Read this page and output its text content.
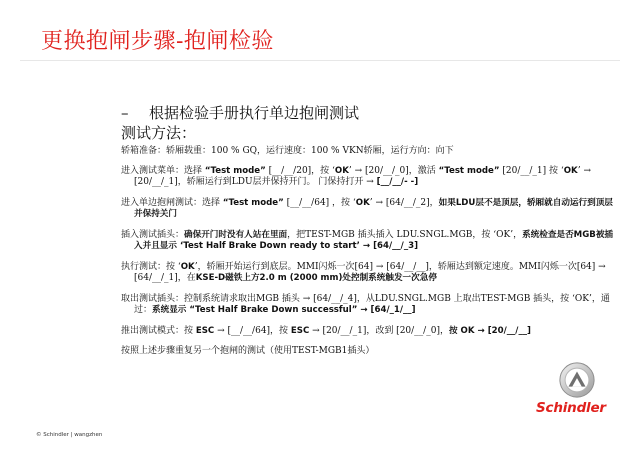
更换抱闸步骤-抱闸检验
– 根据检验手册执行单边抱闸测试
测试方法：
轿箱准备：轿厢载重：100 % GQ，运行速度：100 % VKN轿厢，运行方向：向下
进入测试菜单：选择 “Test mode” [__/__/20]，按 ‘OK’ → [20/__/_0]，激活 “Test mode” [20/__/_1] 按 ‘OK’ → [20/__/_1]，轿厢运行到LDU层并保持开门。 门保持打开 → [__/__/- -]
进入单边抱闸测试：选择 “Test mode” [__/__/64] ，按 ‘OK’ → [64/__/_2]，如果LDU层不是顶层，轿厢就自动运行到顶层并保持关门
插入测试插头：确保开门时没有人站在里面，把TEST-MGB 插头插入 LDU.SNGL.MGB，按 ‘OK’，系统检查是否MGB被插入并且显示 ‘Test Half Brake Down ready to start’ → [64/__/_3]
执行测试：按 ‘OK’，轿厢开始运行到底层。MMI闪烁一次[64] → [64/__/__]，轿厢达到额定速度。MMI闪烁一次[64] → [64/__/_1]，在KSE-D磁铁上方2.0 m (2000 mm)处控制系统触发一次急停
取出测试插头：控制系统请求取出MGB 插头 → [64/__/_4]，从LDU.SNGL.MGB 上取出TEST-MGB 插头，按 ‘OK’，通过：系统显示 “Test Half Brake Down successful” → [64/_1/__]
推出测试模式：按 ESC → [__/__/64]，按 ESC → [20/__/_1]，改到 [20/__/_0]，按 OK → [20/__/__]
按照上述步骤重复另一个抱闸的测试（使用TEST-MGB1插头）
Schindler
© Schindler | wangzhen
